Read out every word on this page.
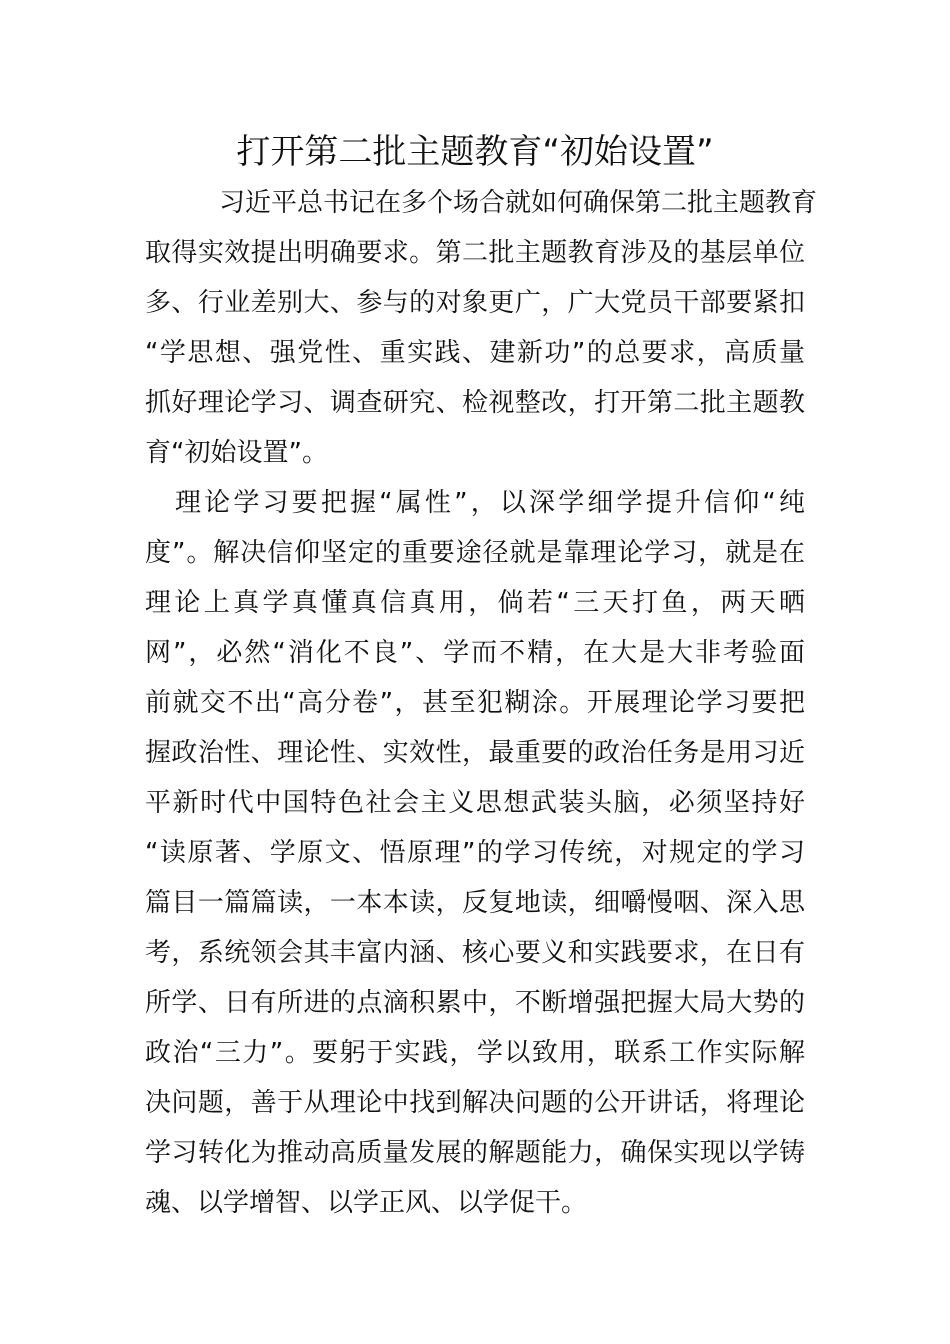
打开第二批主题教育“初始设置”
习近平总书记在多个场合就如何确保第二批主题教育
取得实效提出明确要求。第二批主题教育涉及的基层单位
多、行业差别大、参与的对象更广，广大党员干部要紧扣
“学思想、强党性、重实践、建新功”的总要求，高质量
抓好理论学习、调查研究、检视整改，打开第二批主题教
育“初始设置”。
理论学习要把握“属性”，以深学细学提升信仰“纯
度”。解决信仰坚定的重要途径就是靠理论学习，就是在
理论上真学真懂真信真用，倘若“三天打鱼，两天晒
网”，必然“消化不良”、学而不精，在大是大非考验面
前就交不出“高分卷”，甚至犯糊涂。开展理论学习要把
握政治性、理论性、实效性，最重要的政治任务是用习近
平新时代中国特色社会主义思想武装头脑，必须坚持好
“读原著、学原文、悟原理”的学习传统，对规定的学习
篇目一篇篇读，一本本读，反复地读，细嚼慢咽、深入思
考，系统领会其丰富内涵、核心要义和实践要求，在日有
所学、日有所进的点滴积累中，不断增强把握大局大势的
政治“三力”。要躬于实践，学以致用，联系工作实际解
决问题，善于从理论中找到解决问题的公开讲话，将理论
学习转化为推动高质量发展的解题能力，确保实现以学铸
魂、以学增智、以学正风、以学促干。
